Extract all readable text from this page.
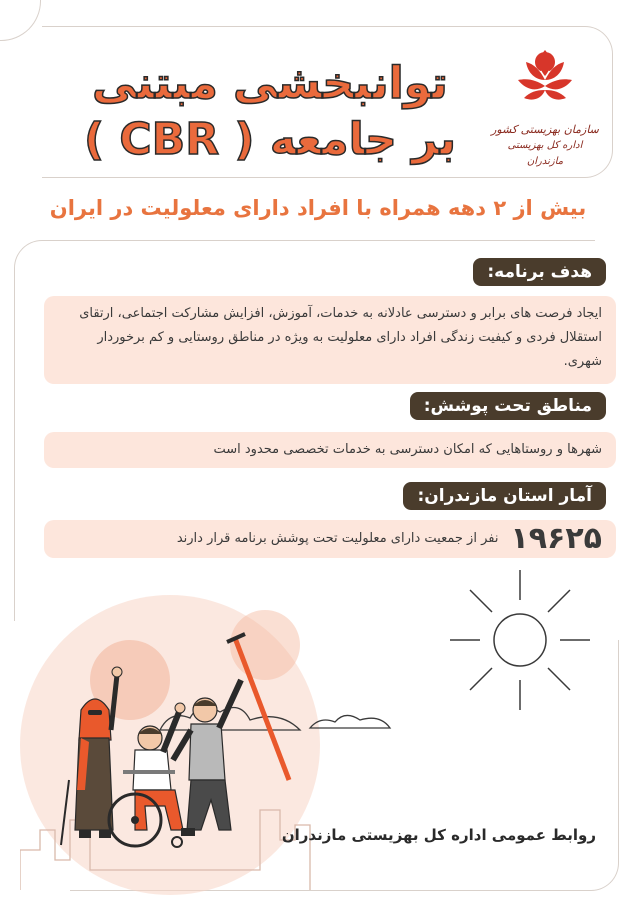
سازمان بهزیستی کشور
اداره کل بهزیستی مازندران
توانبخشی مبتنی
بر جامعه ( CBR )
بیش از ۲ دهه همراه با افراد دارای معلولیت در ایران
هدف برنامه:
ایجاد فرصت های برابر و دسترسی عادلانه به خدمات، آموزش، افزایش مشارکت اجتماعی، ارتقای استقلال فردی و کیفیت زندگی افراد دارای معلولیت به ویژه در مناطق روستایی و کم برخوردار شهری.
مناطق تحت پوشش:
شهرها و روستاهایی که امکان دسترسی به خدمات تخصصی محدود است
آمار استان مازندران:
۱۹۶۲۵
نفر از جمعیت دارای معلولیت تحت پوشش برنامه قرار دارند
روابط عمومی اداره کل بهزیستی مازندران
